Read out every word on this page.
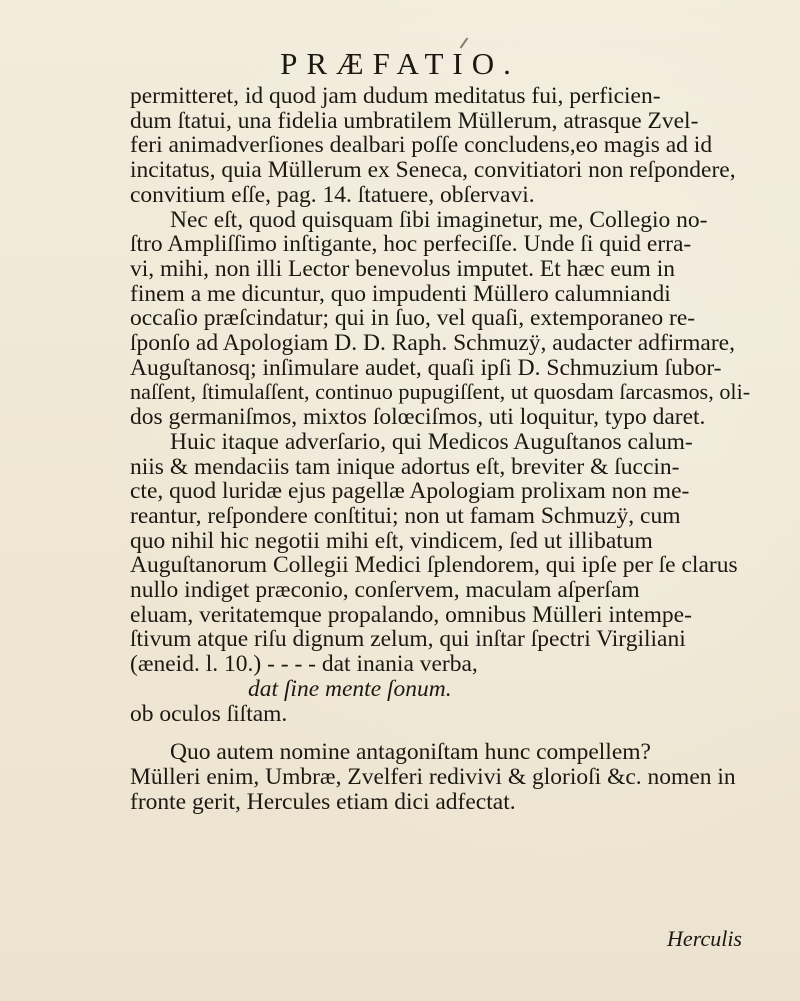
PRÆFATIO.
permitteret, id quod jam dudum meditatus fui, perficien-
dum ſtatui, una fidelia umbratilem Müllerum, atrasque Zvel-
feri animadverſiones dealbari poſſe concludens,eo magis ad id
incitatus, quia Müllerum ex Seneca, convitiatori non reſpondere,
convitium eſſe, pag. 14. ſtatuere, obſervavi.
Nec eſt, quod quisquam ſibi imaginetur, me, Collegio no-
ſtro Ampliſſimo inſtigante, hoc perfeciſſe. Unde ſi quid erra-
vi, mihi, non illi Lector benevolus imputet. Et hæc eum in
finem a me dicuntur, quo impudenti Müllero calumniandi
occaſio præſcindatur; qui in ſuo, vel quaſi, extemporaneo re-
ſponſo ad Apologiam D. D. Raph. Schmuzÿ, audacter adfirmare,
Auguſtanosq; inſimulare audet, quaſi ipſi D. Schmuzium ſubor-
naſſent, ſtimulaſſent, continuo pupugiſſent, ut quosdam ſarcasmos, oli-
dos germaniſmos, mixtos ſolœciſmos, uti loquitur, typo daret.
Huic itaque adverſario, qui Medicos Auguſtanos calum-
niis & mendaciis tam inique adortus eſt, breviter & ſuccin-
cte, quod luridæ ejus pagellæ Apologiam prolixam non me-
reantur, reſpondere conſtitui; non ut famam Schmuzÿ, cum
quo nihil hic negotii mihi eſt, vindicem, ſed ut illibatum
Auguſtanorum Collegii Medici ſplendorem, qui ipſe per ſe clarus
nullo indiget præconio, conſervem, maculam aſperſam
eluam, veritatemque propalando, omnibus Mülleri intempe-
ſtivum atque riſu dignum zelum, qui inſtar ſpectri Virgiliani
(æneid. l. 10.) - - - - dat inania verba,
dat ſine mente ſonum.
ob oculos ſiſtam.
Quo autem nomine antagoniſtam hunc compellem?
Mülleri enim, Umbræ, Zvelferi redivivi & glorioſi &c. nomen in
fronte gerit, Hercules etiam dici adfectat.
Herculis
